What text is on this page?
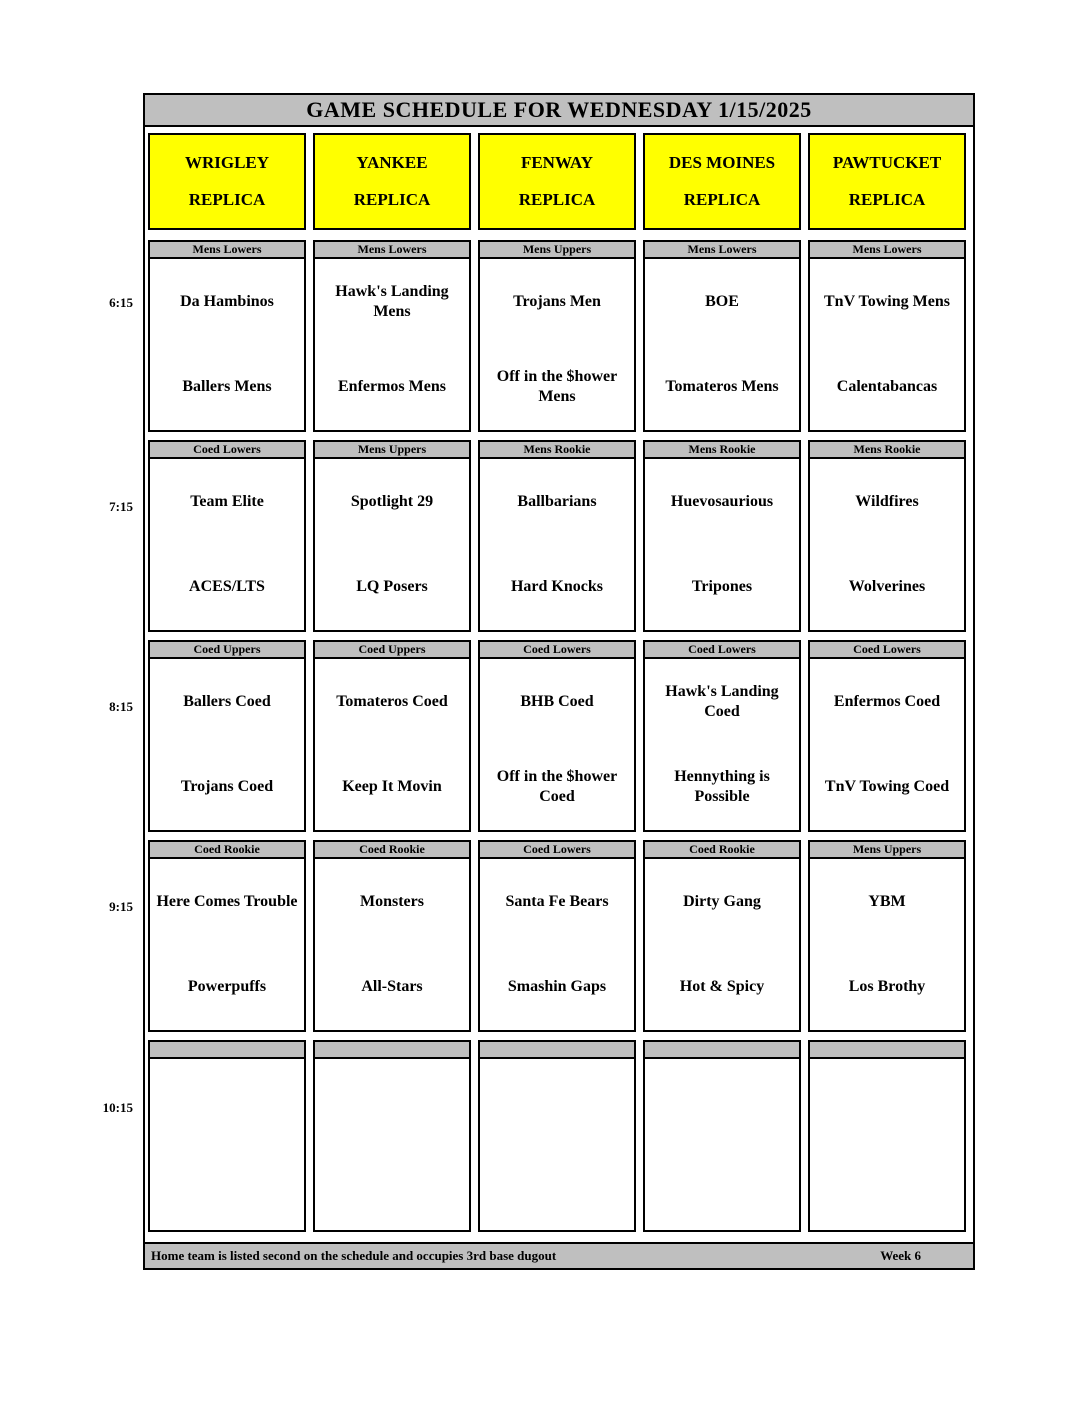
6:15
7:15
8:15
9:15
10:15
GAME SCHEDULE FOR WEDNESDAY 1/15/2025
WRIGLEY
REPLICA
Mens Lowers
Da Hambinos
Ballers Mens
Coed Lowers
Team Elite
ACES/LTS
Coed Uppers
Ballers Coed
Trojans Coed
Coed Rookie
Here Comes Trouble
Powerpuffs
YANKEE
REPLICA
Mens Lowers
Hawk's Landing Mens
Enfermos Mens
Mens Uppers
Spotlight 29
LQ Posers
Coed Uppers
Tomateros Coed
Keep It Movin
Coed Rookie
Monsters
All-Stars
FENWAY
REPLICA
Mens Uppers
Trojans Men
Off in the $hower Mens
Mens Rookie
Ballbarians
Hard Knocks
Coed Lowers
BHB Coed
Off in the $hower Coed
Coed Lowers
Santa Fe Bears
Smashin Gaps
DES MOINES
REPLICA
Mens Lowers
BOE
Tomateros Mens
Mens Rookie
Huevosaurious
Tripones
Coed Lowers
Hawk's Landing Coed
Hennything is Possible
Coed Rookie
Dirty Gang
Hot & Spicy
PAWTUCKET
REPLICA
Mens Lowers
TnV Towing Mens
Calentabancas
Mens Rookie
Wildfires
Wolverines
Coed Lowers
Enfermos Coed
TnV Towing Coed
Mens Uppers
YBM
Los Brothy
Home team is listed second on the schedule and occupies 3rd base dugout	Week 6
